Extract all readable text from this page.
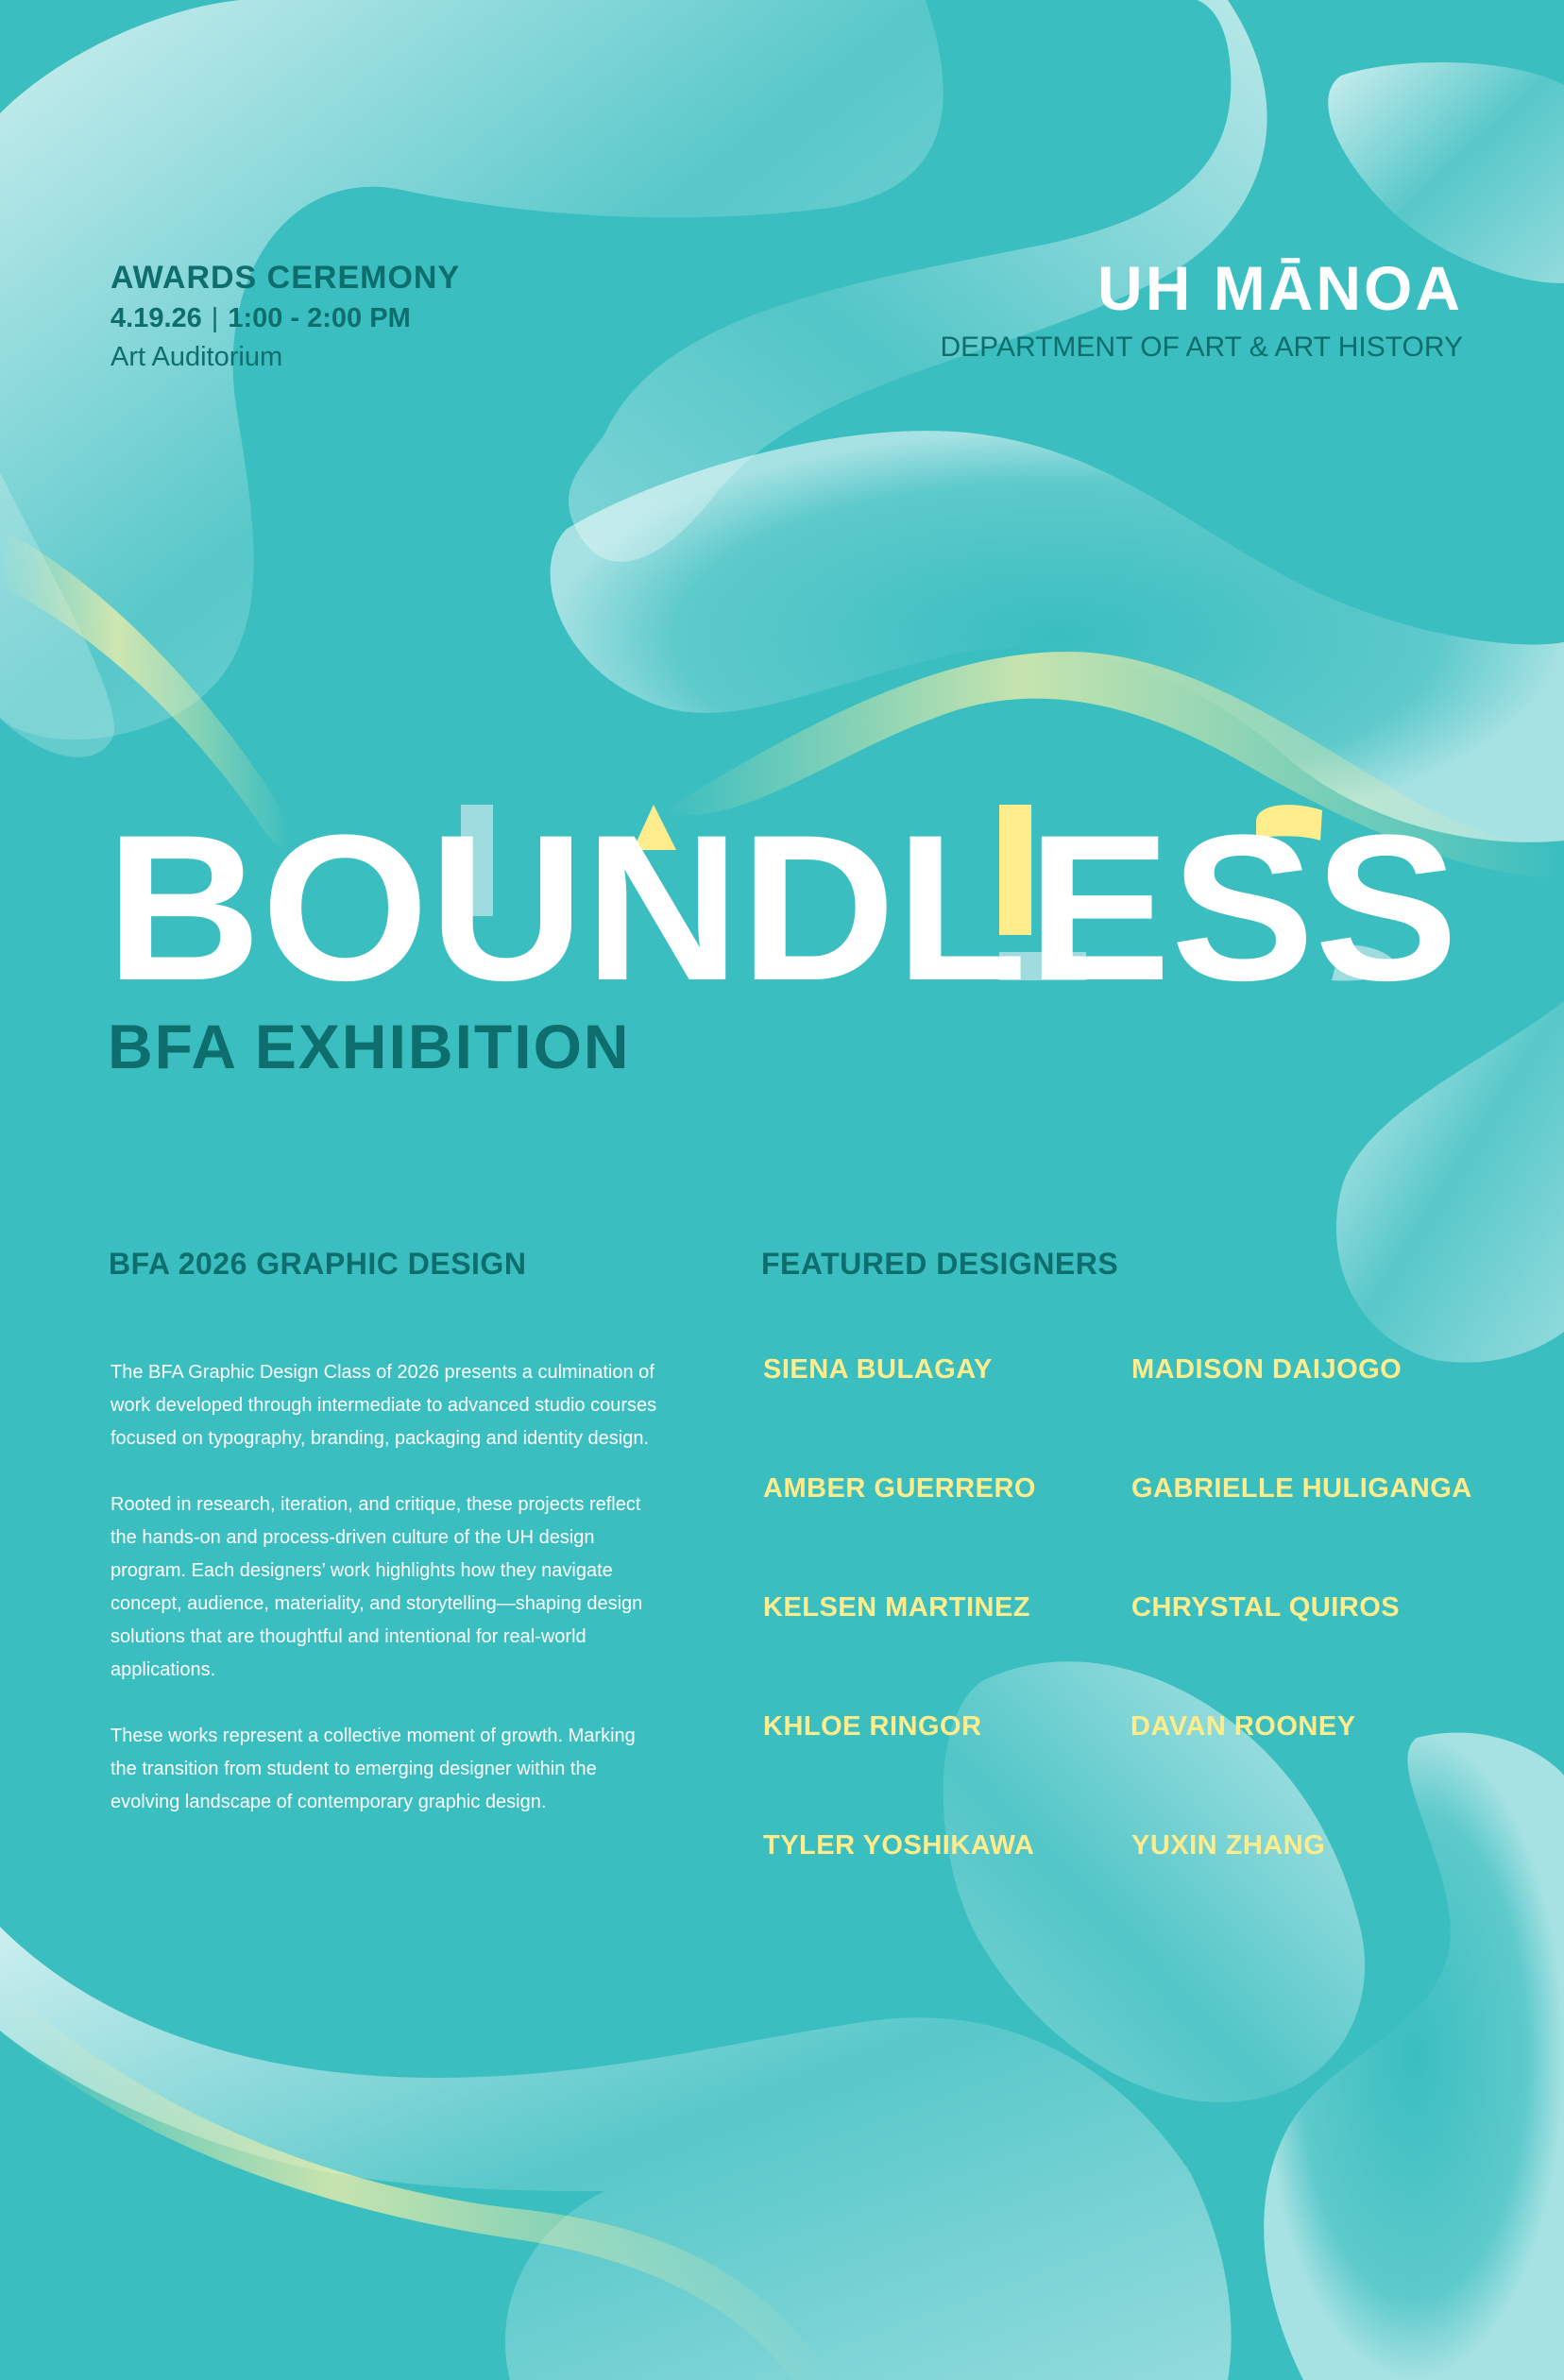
AWARDS CEREMONY
4.19.26 | 1:00 - 2:00 PM
Art Auditorium
UH MĀNOA
DEPARTMENT OF ART & ART HISTORY
BOUNDLESS
BFA EXHIBITION
BFA 2026 GRAPHIC DESIGN

The BFA Graphic Design Class of 2026 presents a culmination of work developed through intermediate to advanced studio courses focused on typography, branding, packaging and identity design.

Rooted in research, iteration, and critique, these projects reflect the hands-on and process-driven culture of the UH design program. Each designers’ work highlights how they navigate concept, audience, materiality, and storytelling—shaping design solutions that are thoughtful and intentional for real-world applications.

These works represent a collective moment of growth. Marking the transition from student to emerging designer within the evolving landscape of contemporary graphic design.

FEATURED DESIGNERS
SIENA BULAGAY	MADISON DAIJOGO
AMBER GUERRERO	GABRIELLE HULIGANGA
KELSEN MARTINEZ	CHRYSTAL QUIROS
KHLOE RINGOR	DAVAN ROONEY
TYLER YOSHIKAWA	YUXIN ZHANG
